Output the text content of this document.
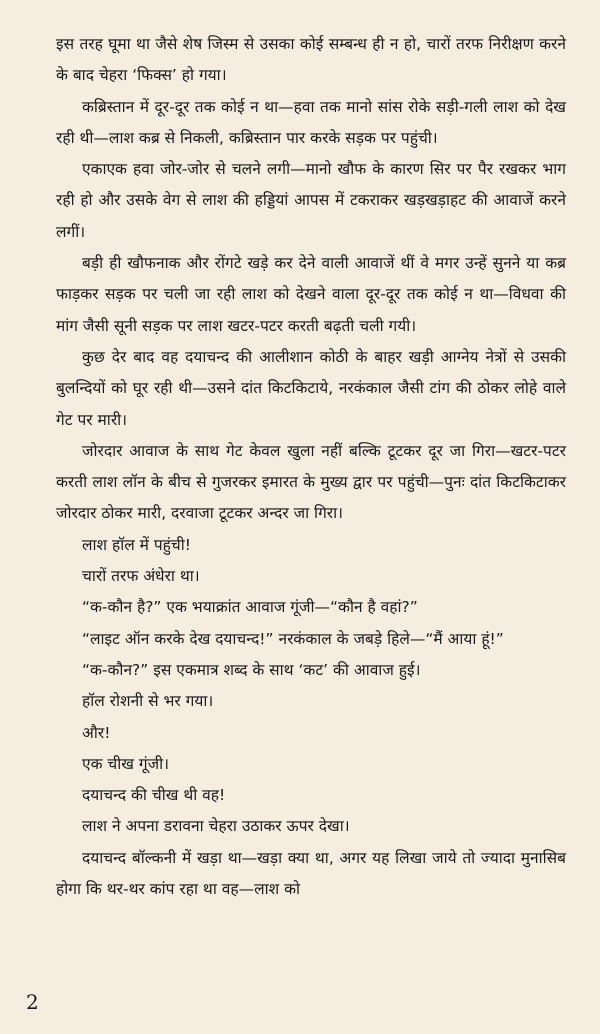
इस तरह घूमा था जैसे शेष जिस्म से उसका कोई सम्बन्ध ही न हो, चारों तरफ निरीक्षण करने के बाद चेहरा ‘फिक्स’ हो गया।

कब्रिस्तान में दूर-दूर तक कोई न था—हवा तक मानो सांस रोके सड़ी-गली लाश को देख रही थी—लाश कब्र से निकली, कब्रिस्तान पार करके सड़क पर पहुंची।

एकाएक हवा जोर-जोर से चलने लगी—मानो खौफ के कारण सिर पर पैर रखकर भाग रही हो और उसके वेग से लाश की हड्डियां आपस में टकराकर खड़खड़ाहट की आवाजें करने लगीं।

बड़ी ही खौफनाक और रोंगटे खड़े कर देने वाली आवाजें थीं वे मगर उन्हें सुनने या कब्र फाड़कर सड़क पर चली जा रही लाश को देखने वाला दूर-दूर तक कोई न था—विधवा की मांग जैसी सूनी सड़क पर लाश खटर-पटर करती बढ़ती चली गयी।

कुछ देर बाद वह दयाचन्द की आलीशान कोठी के बाहर खड़ी आग्नेय नेत्रों से उसकी बुलन्दियों को घूर रही थी—उसने दांत किटकिटाये, नरकंकाल जैसी टांग की ठोकर लोहे वाले गेट पर मारी।

जोरदार आवाज के साथ गेट केवल खुला नहीं बल्कि टूटकर दूर जा गिरा—खटर-पटर करती लाश लॉन के बीच से गुजरकर इमारत के मुख्य द्वार पर पहुंची—पुनः दांत किटकिटाकर जोरदार ठोकर मारी, दरवाजा टूटकर अन्दर जा गिरा।

लाश हॉल में पहुंची!

चारों तरफ अंधेरा था।

“क-कौन है?” एक भयाक्रांत आवाज गूंजी—“कौन है वहां?”

“लाइट ऑन करके देख दयाचन्द!” नरकंकाल के जबड़े हिले—“मैं आया हूं!”

“क-कौन?” इस एकमात्र शब्द के साथ ‘कट’ की आवाज हुई।

हॉल रोशनी से भर गया।

और!

एक चीख गूंजी।

दयाचन्द की चीख थी वह!

लाश ने अपना डरावना चेहरा उठाकर ऊपर देखा।

दयाचन्द बॉल्कनी में खड़ा था—खड़ा क्या था, अगर यह लिखा जाये तो ज्यादा मुनासिब होगा कि थर-थर कांप रहा था वह—लाश को

2
